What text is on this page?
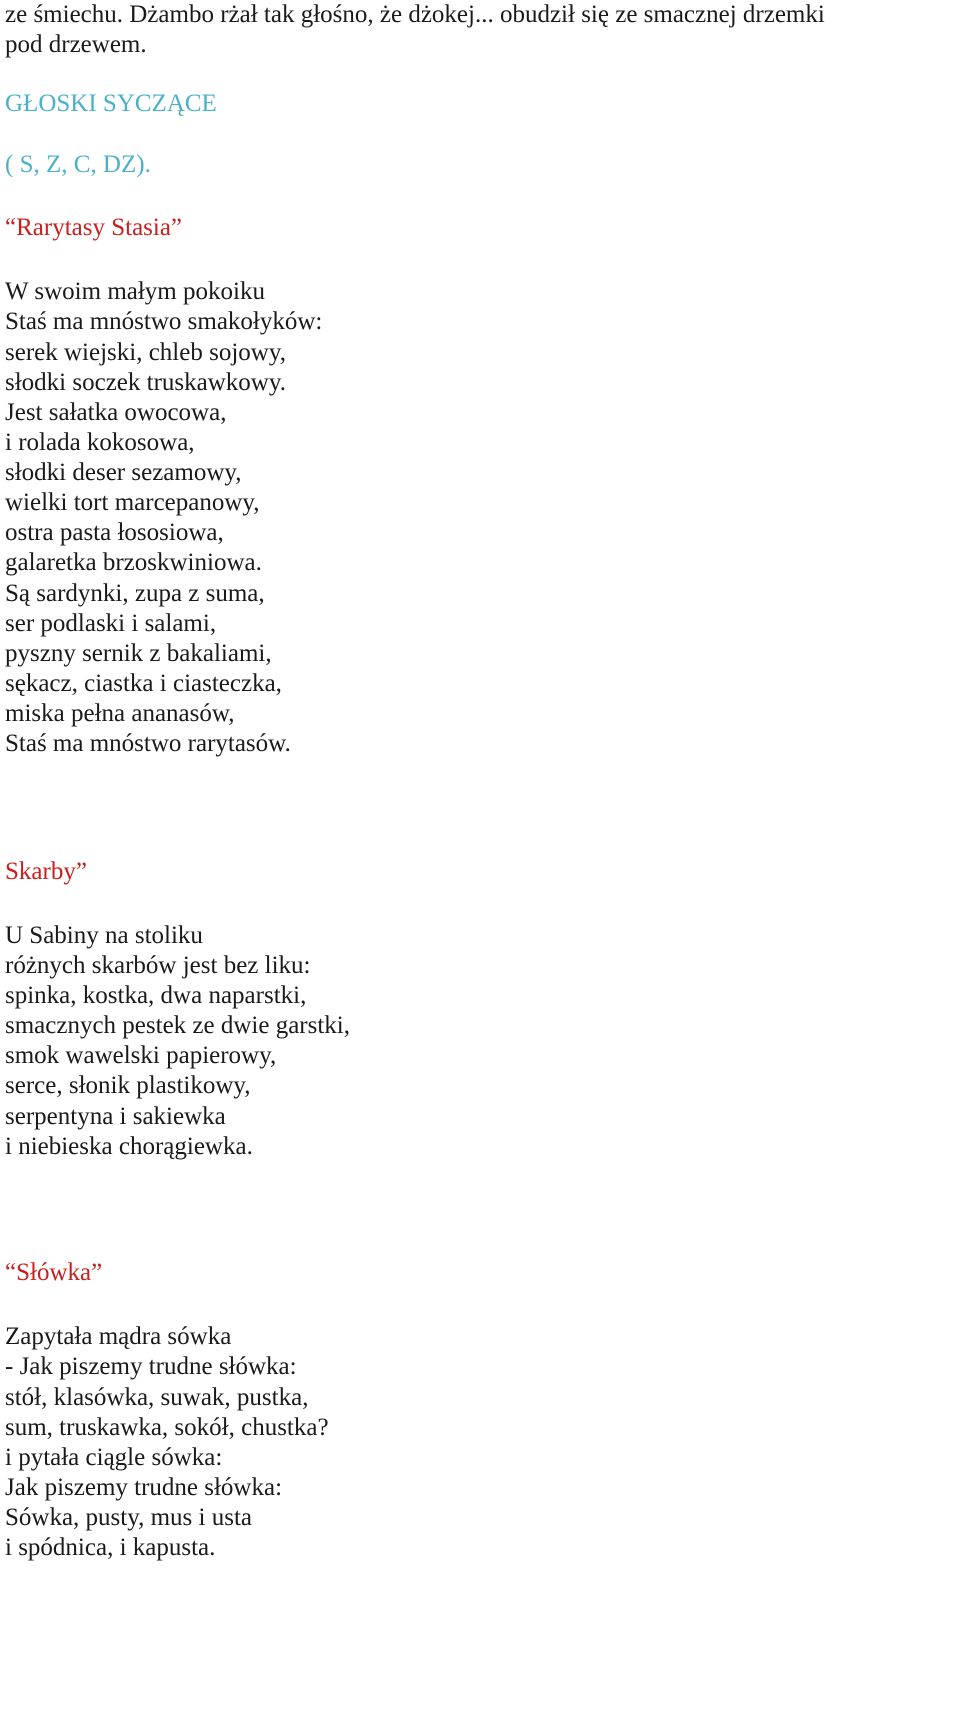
ze śmiechu. Dżambo rżał tak głośno, że dżokej... obudził się ze smacznej drzemki
pod drzewem.
GŁOSKI SYCZĄCE
( S, Z, C, DZ).
“Rarytasy Stasia”
W swoim małym pokoiku
Staś ma mnóstwo smakołyków:
serek wiejski, chleb sojowy,
słodki soczek truskawkowy.
Jest sałatka owocowa,
i rolada kokosowa,
słodki deser sezamowy,
wielki tort marcepanowy,
ostra pasta łososiowa,
galaretka brzoskwiniowa.
Są sardynki, zupa z suma,
ser podlaski i salami,
pyszny sernik z bakaliami,
sękacz, ciastka i ciasteczka,
miska pełna ananasów,
Staś ma mnóstwo rarytasów.
Skarby”
U Sabiny na stoliku
różnych skarbów jest bez liku:
spinka, kostka, dwa naparstki,
smacznych pestek ze dwie garstki,
smok wawelski papierowy,
serce, słonik plastikowy,
serpentyna i sakiewka
i niebieska chorągiewka.
“Słówka”
Zapytała mądra sówka
- Jak piszemy trudne słówka:
stół, klasówka, suwak, pustka,
sum, truskawka, sokół, chustka?
i pytała ciągle sówka:
Jak piszemy trudne słówka:
Sówka, pusty, mus i usta
i spódnica, i kapusta.
